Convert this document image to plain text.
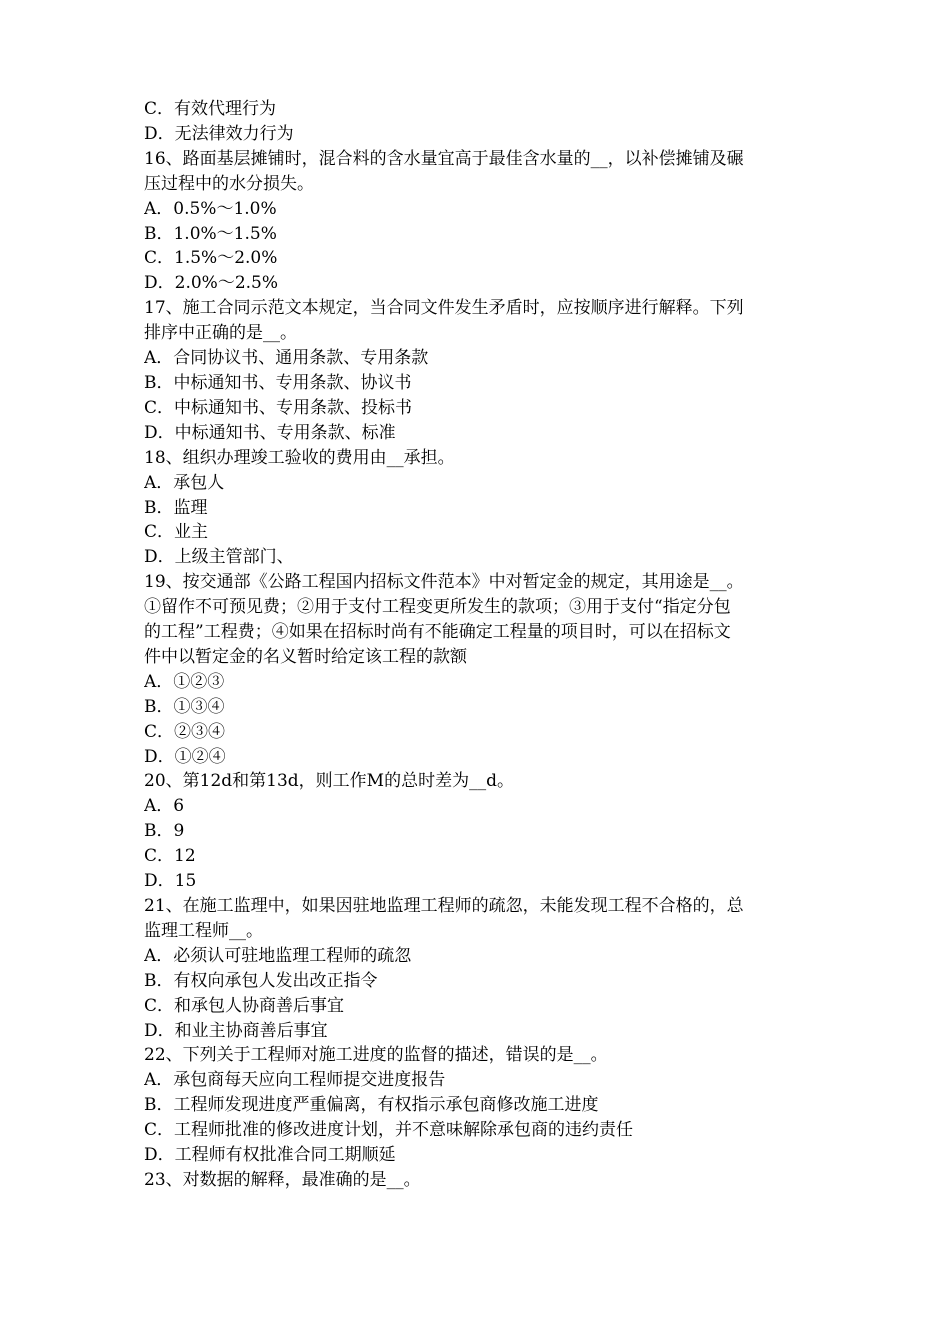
C．有效代理行为

D．无法律效力行为

16、路面基层摊铺时，混合料的含水量宜高于最佳含水量的__，以补偿摊铺及碾

压过程中的水分损失。

A．0.5%～1.0%

B．1.0%～1.5%

C．1.5%～2.0%

D．2.0%～2.5%

17、施工合同示范文本规定，当合同文件发生矛盾时，应按顺序进行解释。下列

排序中正确的是__。

A．合同协议书、通用条款、专用条款

B．中标通知书、专用条款、协议书

C．中标通知书、专用条款、投标书

D．中标通知书、专用条款、标准

18、组织办理竣工验收的费用由__承担。

A．承包人

B．监理

C．业主

D．上级主管部门、

19、按交通部《公路工程国内招标文件范本》中对暂定金的规定，其用途是__。

①留作不可预见费；②用于支付工程变更所发生的款项；③用于支付“指定分包

的工程”工程费；④如果在招标时尚有不能确定工程量的项目时，可以在招标文

件中以暂定金的名义暂时给定该工程的款额

A．①②③

B．①③④

C．②③④

D．①②④

20、第12d和第13d，则工作M的总时差为__d。

A．6

B．9

C．12

D．15

21、在施工监理中，如果因驻地监理工程师的疏忽，未能发现工程不合格的，总

监理工程师__。

A．必须认可驻地监理工程师的疏忽

B．有权向承包人发出改正指令

C．和承包人协商善后事宜

D．和业主协商善后事宜

22、下列关于工程师对施工进度的监督的描述，错误的是__。

A．承包商每天应向工程师提交进度报告

B．工程师发现进度严重偏离，有权指示承包商修改施工进度

C．工程师批准的修改进度计划，并不意味解除承包商的违约责任

D．工程师有权批准合同工期顺延

23、对数据的解释，最准确的是__。
